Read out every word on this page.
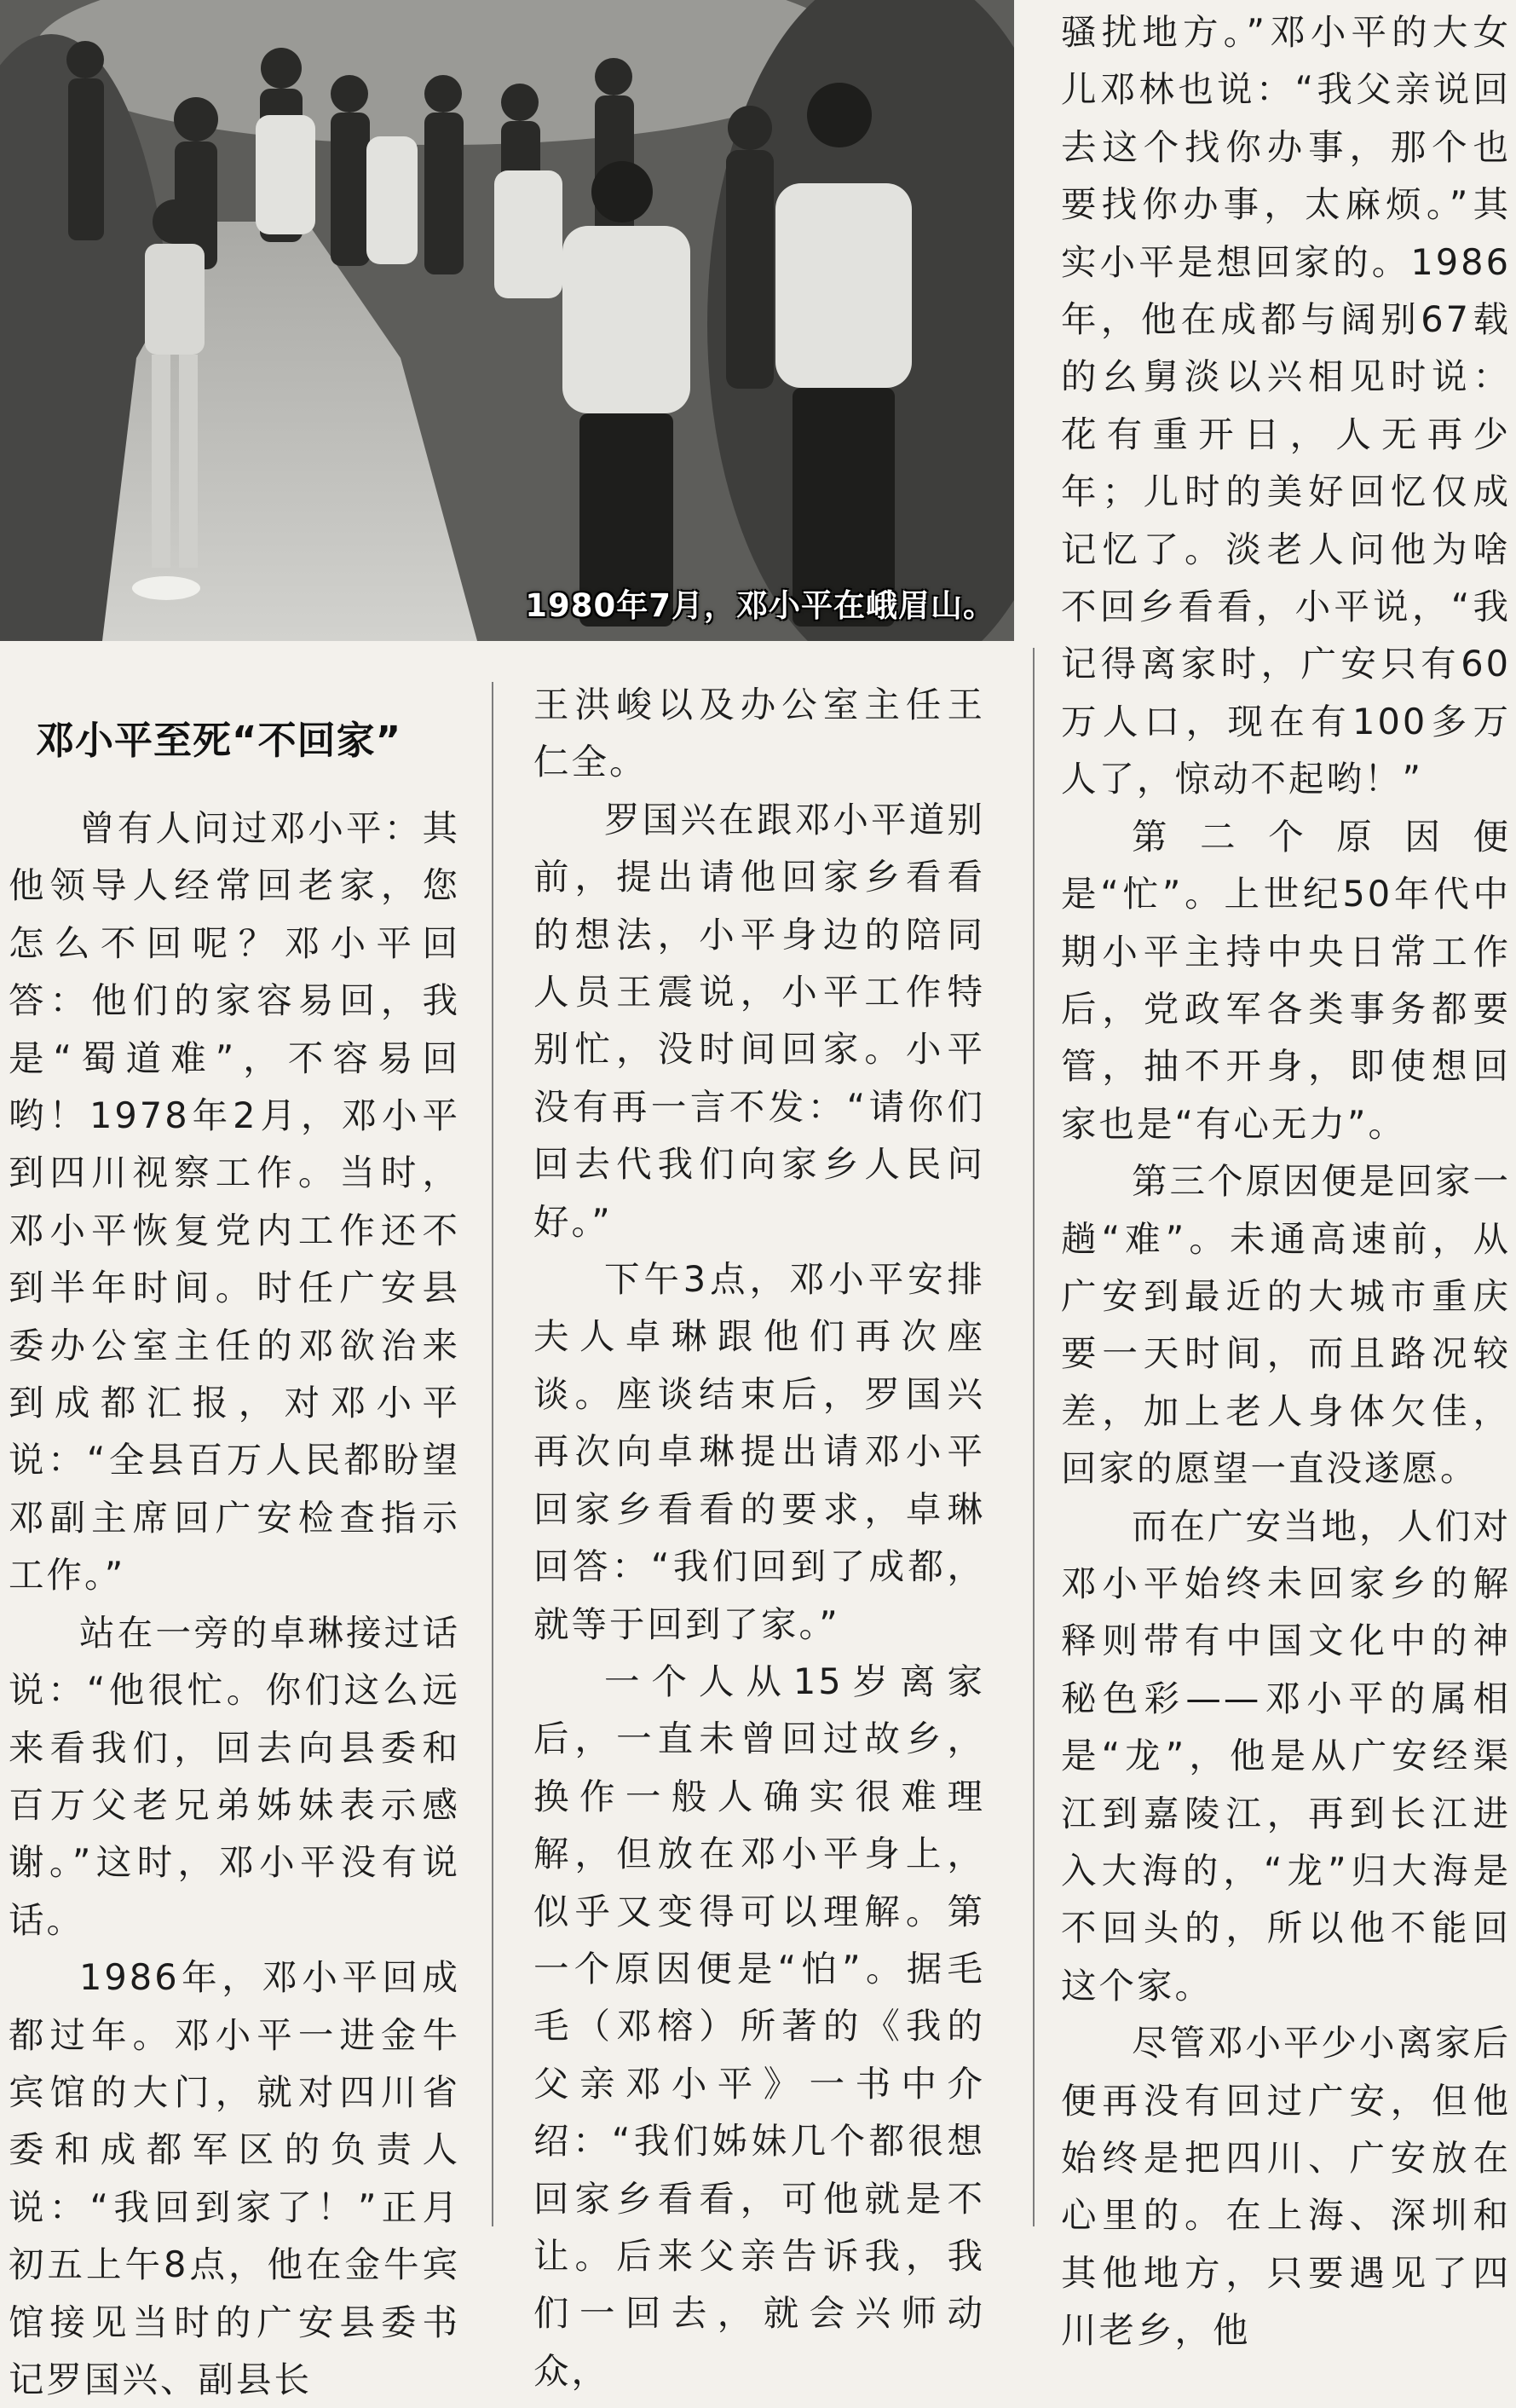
1980年7月，邓小平在峨眉山。
邓小平至死“不回家”

曾有人问过邓小平：其他领导人经常回老家，您怎么不回呢？邓小平回答：他们的家容易回，我是“蜀道难”，不容易回哟！1978年2月，邓小平到四川视察工作。当时，邓小平恢复党内工作还不到半年时间。时任广安县委办公室主任的邓欲治来到成都汇报，对邓小平说：“全县百万人民都盼望邓副主席回广安检查指示工作。”

站在一旁的卓琳接过话说：“他很忙。你们这么远来看我们，回去向县委和百万父老兄弟姊妹表示感谢。”这时，邓小平没有说话。

1986年，邓小平回成都过年。邓小平一进金牛宾馆的大门，就对四川省委和成都军区的负责人说：“我回到家了！”正月初五上午8点，他在金牛宾馆接见当时的广安县委书记罗国兴、副县长

王洪峻以及办公室主任王仁全。

罗国兴在跟邓小平道别前，提出请他回家乡看看的想法，小平身边的陪同人员王震说，小平工作特别忙，没时间回家。小平没有再一言不发：“请你们回去代我们向家乡人民问好。”

下午3点，邓小平安排夫人卓琳跟他们再次座谈。座谈结束后，罗国兴再次向卓琳提出请邓小平回家乡看看的要求，卓琳回答：“我们回到了成都，就等于回到了家。”

一个人从15岁离家后，一直未曾回过故乡，换作一般人确实很难理解，但放在邓小平身上，似乎又变得可以理解。第一个原因便是“怕”。据毛毛（邓榕）所著的《我的父亲邓小平》一书中介绍：“我们姊妹几个都很想回家乡看看，可他就是不让。后来父亲告诉我，我们一回去，就会兴师动众，

骚扰地方。”邓小平的大女儿邓林也说：“我父亲说回去这个找你办事，那个也要找你办事，太麻烦。”其实小平是想回家的。1986年，他在成都与阔别67载的幺舅淡以兴相见时说：花有重开日，人无再少年；儿时的美好回忆仅成记忆了。淡老人问他为啥不回乡看看，小平说，“我记得离家时，广安只有60万人口，现在有100多万人了，惊动不起哟！”

第二个原因便是“忙”。上世纪50年代中期小平主持中央日常工作后，党政军各类事务都要管，抽不开身，即使想回家也是“有心无力”。

第三个原因便是回家一趟“难”。未通高速前，从广安到最近的大城市重庆要一天时间，而且路况较差，加上老人身体欠佳，回家的愿望一直没遂愿。

而在广安当地，人们对邓小平始终未回家乡的解释则带有中国文化中的神秘色彩——邓小平的属相是“龙”，他是从广安经渠江到嘉陵江，再到长江进入大海的，“龙”归大海是不回头的，所以他不能回这个家。

尽管邓小平少小离家后便再没有回过广安，但他始终是把四川、广安放在心里的。在上海、深圳和其他地方，只要遇见了四川老乡，他
